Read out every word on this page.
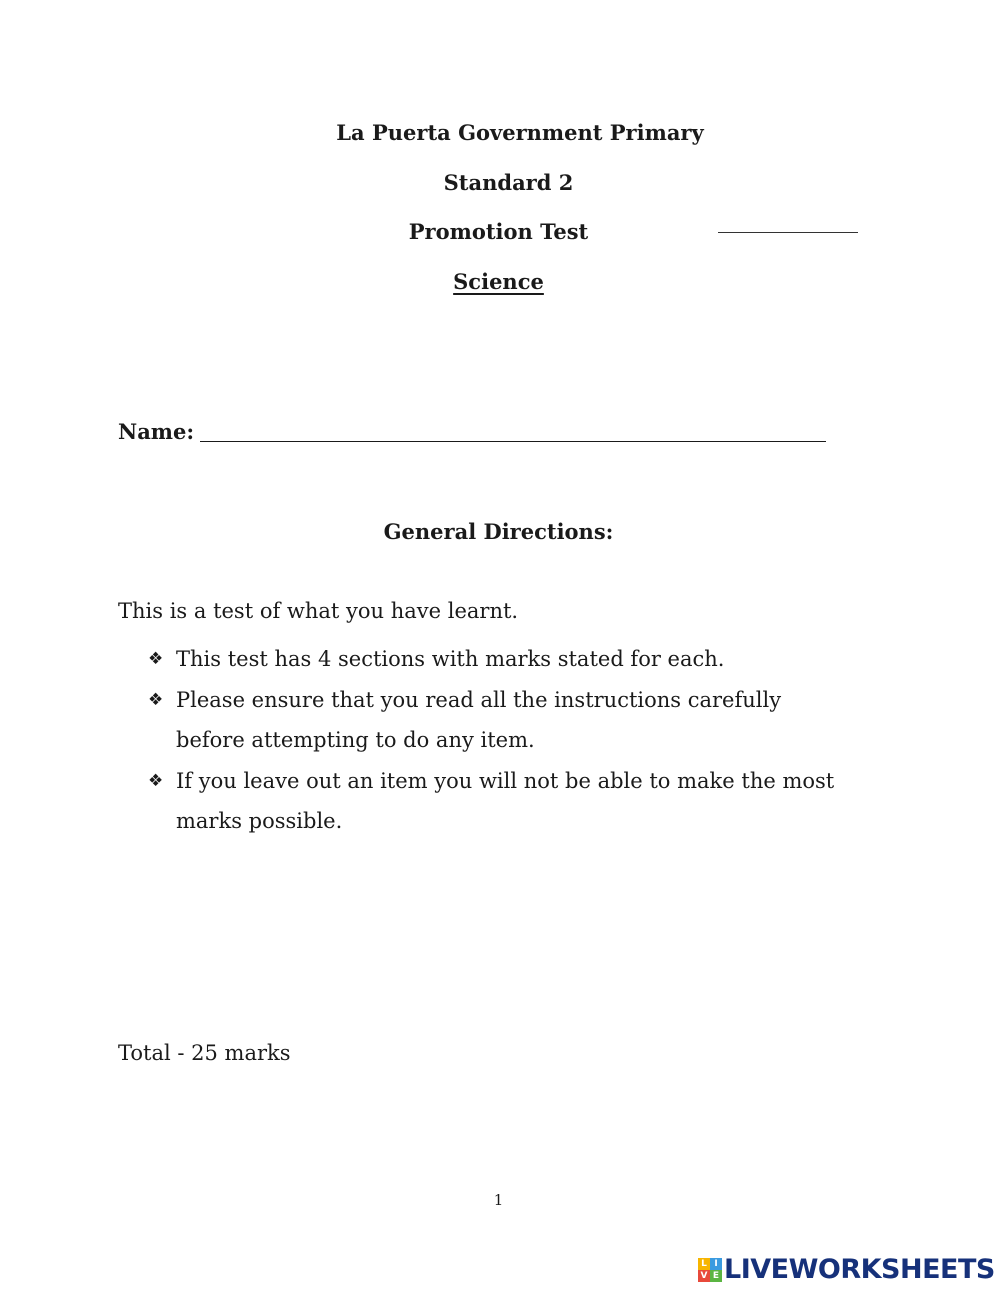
La Puerta Government Primary
Standard 2
Promotion Test
Science
Name:
General Directions:
This is a test of what you have learnt.
❖ This test has 4 sections with marks stated for each.
❖ Please ensure that you read all the instructions carefully before attempting to do any item.
❖ If you leave out an item you will not be able to make the most marks possible.
Total - 25 marks
1
L I
V E LIVEWORKSHEETS
